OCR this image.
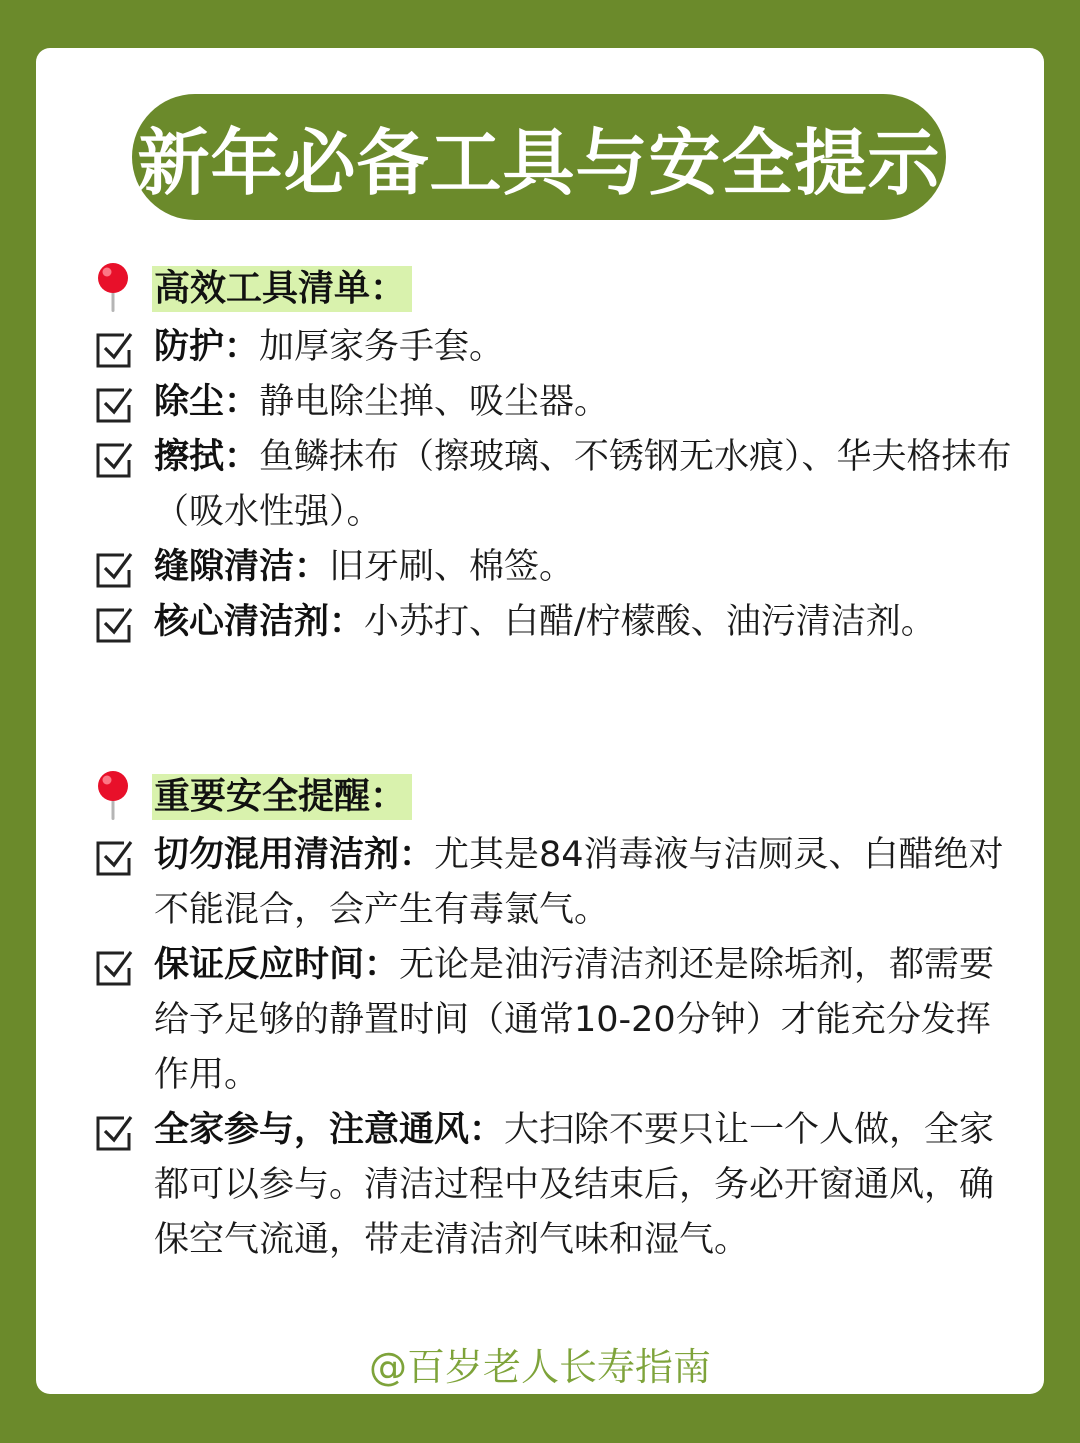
新年必备工具与安全提示
高效工具清单：

防护：加厚家务手套。

除尘：静电除尘掸、吸尘器。

擦拭：鱼鳞抹布（擦玻璃、不锈钢无水痕）、华夫格抹布（吸水性强）。

缝隙清洁：旧牙刷、棉签。

核心清洁剂：小苏打、白醋/柠檬酸、油污清洁剂。

重要安全提醒：

切勿混用清洁剂：尤其是84消毒液与洁厕灵、白醋绝对不能混合，会产生有毒氯气。

保证反应时间：无论是油污清洁剂还是除垢剂，都需要给予足够的静置时间（通常10-20分钟）才能充分发挥作用。

全家参与，注意通风：大扫除不要只让一个人做，全家都可以参与。清洁过程中及结束后，务必开窗通风，确保空气流通，带走清洁剂气味和湿气。

@百岁老人长寿指南
